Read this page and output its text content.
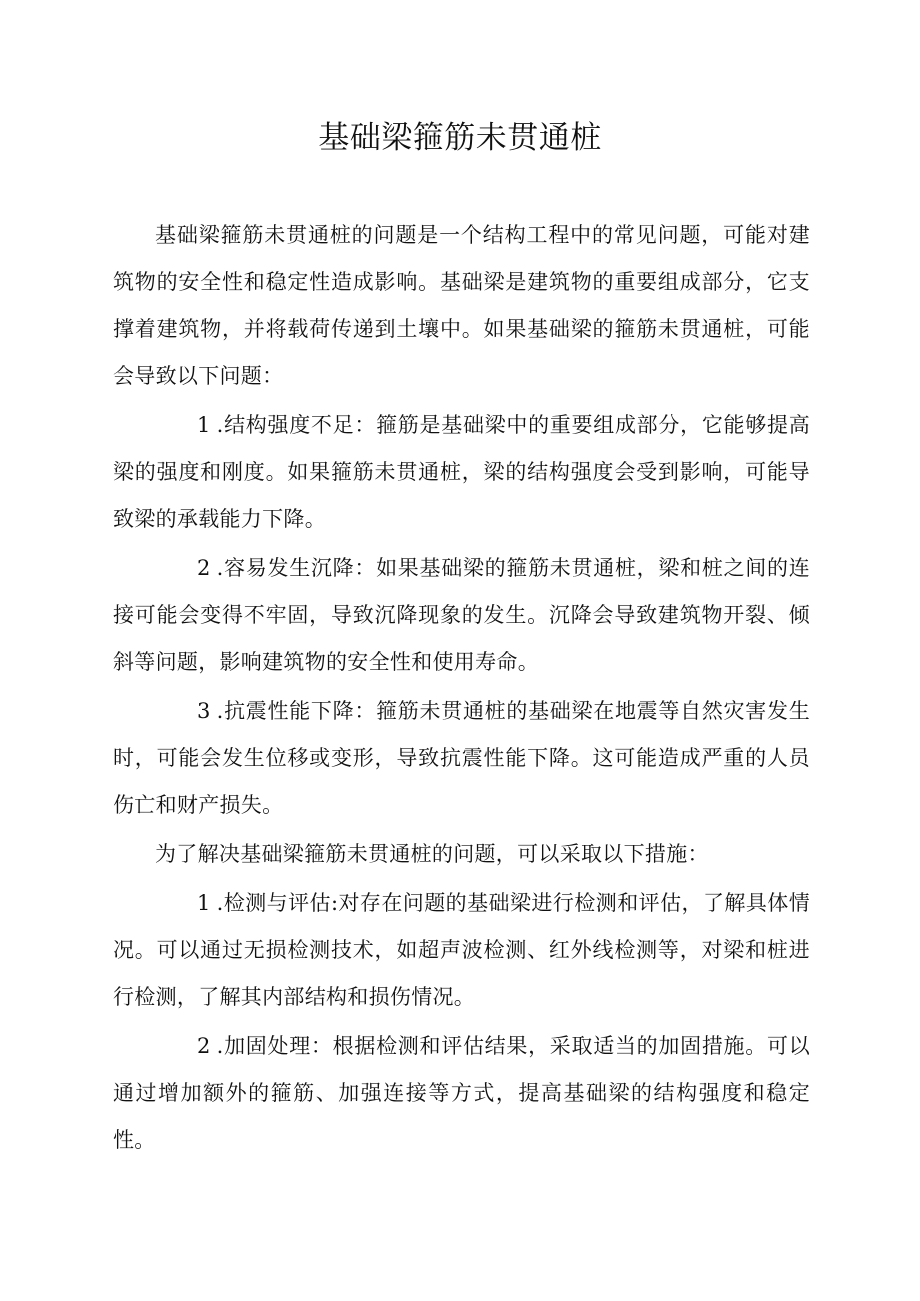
基础梁箍筋未贯通桩

基础梁箍筋未贯通桩的问题是一个结构工程中的常见问题，可能对建筑物的安全性和稳定性造成影响。基础梁是建筑物的重要组成部分，它支撑着建筑物，并将载荷传递到土壤中。如果基础梁的箍筋未贯通桩，可能会导致以下问题：

1 .结构强度不足：箍筋是基础梁中的重要组成部分，它能够提高梁的强度和刚度。如果箍筋未贯通桩，梁的结构强度会受到影响，可能导致梁的承载能力下降。

2 .容易发生沉降：如果基础梁的箍筋未贯通桩，梁和桩之间的连接可能会变得不牢固，导致沉降现象的发生。沉降会导致建筑物开裂、倾斜等问题，影响建筑物的安全性和使用寿命。

3 .抗震性能下降：箍筋未贯通桩的基础梁在地震等自然灾害发生时，可能会发生位移或变形，导致抗震性能下降。这可能造成严重的人员伤亡和财产损失。

为了解决基础梁箍筋未贯通桩的问题，可以采取以下措施：

1 .检测与评估:对存在问题的基础梁进行检测和评估，了解具体情况。可以通过无损检测技术，如超声波检测、红外线检测等，对梁和桩进行检测，了解其内部结构和损伤情况。

2 .加固处理：根据检测和评估结果，采取适当的加固措施。可以通过增加额外的箍筋、加强连接等方式，提高基础梁的结构强度和稳定性。
